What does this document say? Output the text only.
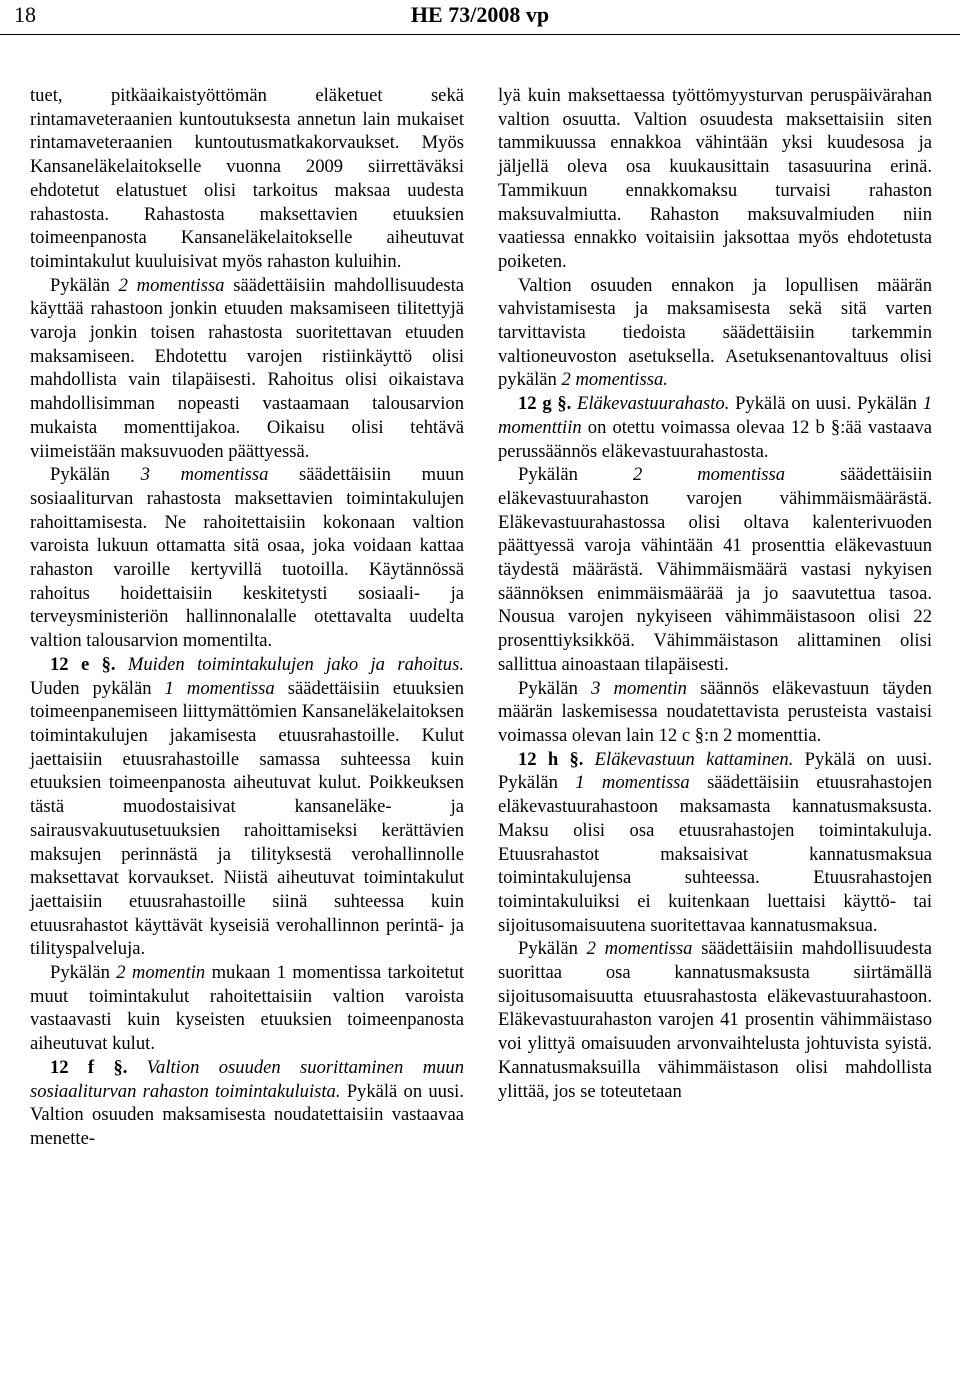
18	HE 73/2008 vp

tuet, pitkäaikaistyöttömän eläketuet sekä rintamaveteraanien kuntoutuksesta annetun lain mukaiset rintamaveteraanien kuntoutusmatkakorvaukset. Myös Kansaneläkelaitokselle vuonna 2009 siirrettäväksi ehdotetut elatustuet olisi tarkoitus maksaa uudesta rahastosta. Rahastosta maksettavien etuuksien toimeenpanosta Kansaneläkelaitokselle aiheutuvat toimintakulut kuuluisivat myös rahaston kuluihin.

Pykälän 2 momentissa säädettäisiin mahdollisuudesta käyttää rahastoon jonkin etuuden maksamiseen tilitettyjä varoja jonkin toisen rahastosta suoritettavan etuuden maksamiseen. Ehdotettu varojen ristiinkäyttö olisi mahdollista vain tilapäisesti. Rahoitus olisi oikaistava mahdollisimman nopeasti vastaamaan talousarvion mukaista momenttijakoa. Oikaisu olisi tehtävä viimeistään maksuvuoden päättyessä.

Pykälän 3 momentissa säädettäisiin muun sosiaaliturvan rahastosta maksettavien toimintakulujen rahoittamisesta. Ne rahoitettaisiin kokonaan valtion varoista lukuun ottamatta sitä osaa, joka voidaan kattaa rahaston varoille kertyvillä tuotoilla. Käytännössä rahoitus hoidettaisiin keskitetysti sosiaali- ja terveysministeriön hallinnonalalle otettavalta uudelta valtion talousarvion momentilta.

12 e §. Muiden toimintakulujen jako ja rahoitus. Uuden pykälän 1 momentissa säädettäisiin etuuksien toimeenpanemiseen liittymättömien Kansaneläkelaitoksen toimintakulujen jakamisesta etuusrahastoille. Kulut jaettaisiin etuusrahastoille samassa suhteessa kuin etuuksien toimeenpanosta aiheutuvat kulut. Poikkeuksen tästä muodostaisivat kansaneläke- ja sairausvakuutusetuuksien rahoittamiseksi kerättävien maksujen perinnästä ja tilityksestä verohallinnolle maksettavat korvaukset. Niistä aiheutuvat toimintakulut jaettaisiin etuusrahastoille siinä suhteessa kuin etuusrahastot käyttävät kyseisiä verohallinnon perintä- ja tilityspalveluja.

Pykälän 2 momentin mukaan 1 momentissa tarkoitetut muut toimintakulut rahoitettaisiin valtion varoista vastaavasti kuin kyseisten etuuksien toimeenpanosta aiheutuvat kulut.

12 f §. Valtion osuuden suorittaminen muun sosiaaliturvan rahaston toimintakuluista. Pykälä on uusi. Valtion osuuden maksamisesta noudatettaisiin vastaavaa menette-

lyä kuin maksettaessa työttömyysturvan peruspäivärahan valtion osuutta. Valtion osuudesta maksettaisiin siten tammikuussa ennakkoa vähintään yksi kuudesosa ja jäljellä oleva osa kuukausittain tasasuurina erinä. Tammikuun ennakkomaksu turvaisi rahaston maksuvalmiutta. Rahaston maksuvalmiuden niin vaatiessa ennakko voitaisiin jaksottaa myös ehdotetusta poiketen.

Valtion osuuden ennakon ja lopullisen määrän vahvistamisesta ja maksamisesta sekä sitä varten tarvittavista tiedoista säädettäisiin tarkemmin valtioneuvoston asetuksella. Asetuksenantovaltuus olisi pykälän 2 momentissa.

12 g §. Eläkevastuurahasto. Pykälä on uusi. Pykälän 1 momenttiin on otettu voimassa olevaa 12 b §:ää vastaava perussäännös eläkevastuurahastosta.

Pykälän 2 momentissa säädettäisiin eläkevastuurahaston varojen vähimmäismäärästä. Eläkevastuurahastossa olisi oltava kalenterivuoden päättyessä varoja vähintään 41 prosenttia eläkevastuun täydestä määrästä. Vähimmäismäärä vastasi nykyisen säännöksen enimmäismäärää ja jo saavutettua tasoa. Nousua varojen nykyiseen vähimmäistasoon olisi 22 prosenttiyksikköä. Vähimmäistason alittaminen olisi sallittua ainoastaan tilapäisesti.

Pykälän 3 momentin säännös eläkevastuun täyden määrän laskemisessa noudatettavista perusteista vastaisi voimassa olevan lain 12 c §:n 2 momenttia.

12 h §. Eläkevastuun kattaminen. Pykälä on uusi. Pykälän 1 momentissa säädettäisiin etuusrahastojen eläkevastuurahastoon maksamasta kannatusmaksusta. Maksu olisi osa etuusrahastojen toimintakuluja. Etuusrahastot maksaisivat kannatusmaksua toimintakulujensa suhteessa. Etuusrahastojen toimintakuluiksi ei kuitenkaan luettaisi käyttö- tai sijoitusomaisuutena suoritettavaa kannatusmaksua.

Pykälän 2 momentissa säädettäisiin mahdollisuudesta suorittaa osa kannatusmaksusta siirtämällä sijoitusomaisuutta etuusrahastosta eläkevastuurahastoon. Eläkevastuurahaston varojen 41 prosentin vähimmäistaso voi ylittyä omaisuuden arvonvaihtelusta johtuvista syistä. Kannatusmaksuilla vähimmäistason olisi mahdollista ylittää, jos se toteutetaan
